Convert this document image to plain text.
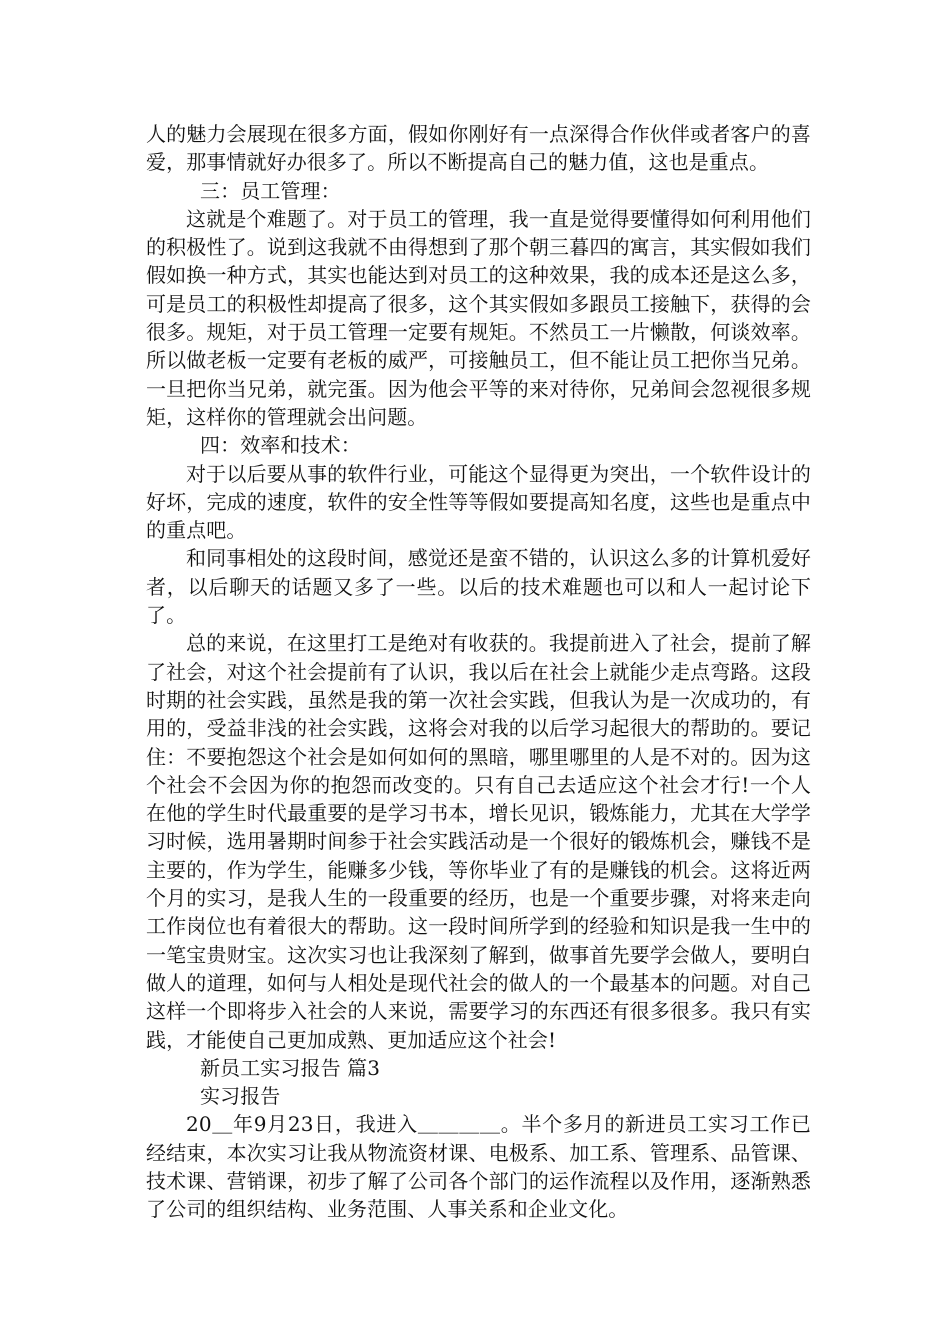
人的魅力会展现在很多方面，假如你刚好有一点深得合作伙伴或者客户的喜爱，那事情就好办很多了。所以不断提高自己的魅力值，这也是重点。

三：员工管理：

这就是个难题了。对于员工的管理，我一直是觉得要懂得如何利用他们的积极性了。说到这我就不由得想到了那个朝三暮四的寓言，其实假如我们假如换一种方式，其实也能达到对员工的这种效果，我的成本还是这么多，可是员工的积极性却提高了很多，这个其实假如多跟员工接触下，获得的会很多。规矩，对于员工管理一定要有规矩。不然员工一片懒散，何谈效率。所以做老板一定要有老板的威严，可接触员工，但不能让员工把你当兄弟。一旦把你当兄弟，就完蛋。因为他会平等的来对待你，兄弟间会忽视很多规矩，这样你的管理就会出问题。

四：效率和技术：

对于以后要从事的软件行业，可能这个显得更为突出，一个软件设计的好坏，完成的速度，软件的安全性等等假如要提高知名度，这些也是重点中的重点吧。

和同事相处的这段时间，感觉还是蛮不错的，认识这么多的计算机爱好者，以后聊天的话题又多了一些。以后的技术难题也可以和人一起讨论下了。

总的来说，在这里打工是绝对有收获的。我提前进入了社会，提前了解了社会，对这个社会提前有了认识，我以后在社会上就能少走点弯路。这段时期的社会实践，虽然是我的第一次社会实践，但我认为是一次成功的，有用的，受益非浅的社会实践，这将会对我的以后学习起很大的帮助的。要记住：不要抱怨这个社会是如何如何的黑暗，哪里哪里的人是不对的。因为这个社会不会因为你的抱怨而改变的。只有自己去适应这个社会才行!一个人在他的学生时代最重要的是学习书本，增长见识，锻炼能力，尤其在大学学习时候，选用暑期时间参于社会实践活动是一个很好的锻炼机会，赚钱不是主要的，作为学生，能赚多少钱，等你毕业了有的是赚钱的机会。这将近两个月的实习，是我人生的一段重要的经历，也是一个重要步骤，对将来走向工作岗位也有着很大的帮助。这一段时间所学到的经验和知识是我一生中的一笔宝贵财宝。这次实习也让我深刻了解到，做事首先要学会做人，要明白做人的道理，如何与人相处是现代社会的做人的一个最基本的问题。对自己这样一个即将步入社会的人来说，需要学习的东西还有很多很多。我只有实践，才能使自己更加成熟、更加适应这个社会!

新员工实习报告 篇3

实习报告

20＿年9月23日，我进入＿＿＿＿。半个多月的新进员工实习工作已经结束，本次实习让我从物流资材课、电极系、加工系、管理系、品管课、技术课、营销课，初步了解了公司各个部门的运作流程以及作用，逐渐熟悉了公司的组织结构、业务范围、人事关系和企业文化。
